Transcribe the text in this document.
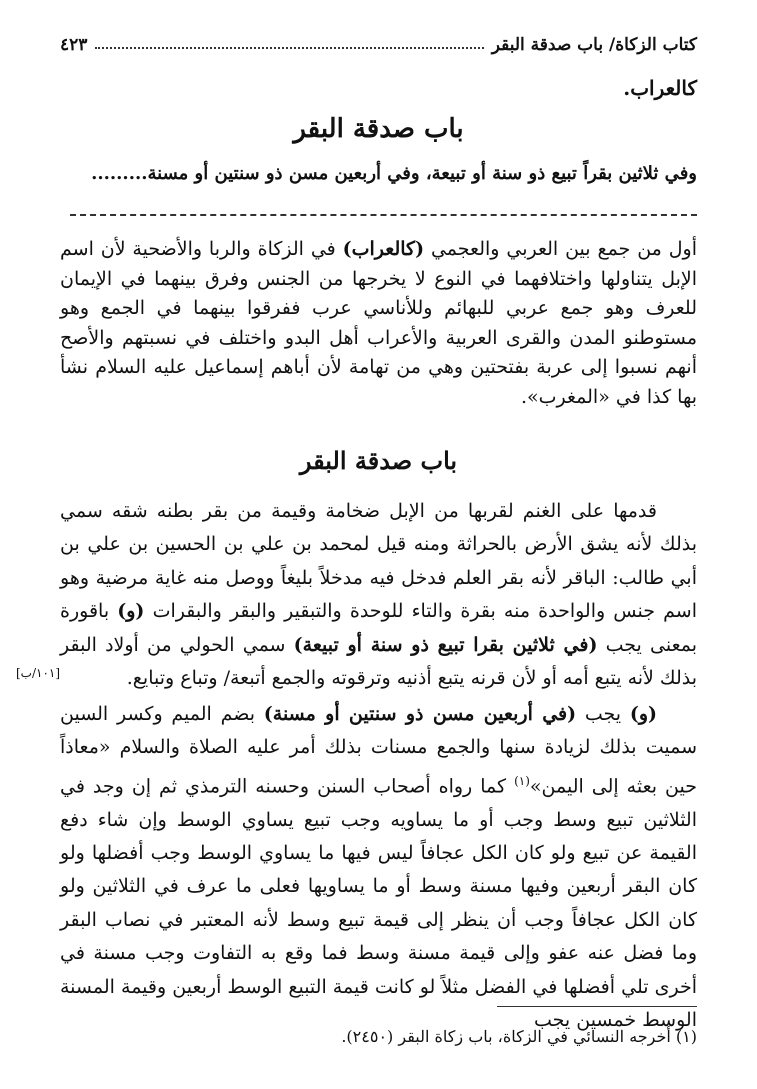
كتاب الزكاة/ باب صدقة البقر
٤٢٣
كالعراب.
باب صدقة البقر
وفي ثلاثين بقراً تبيع ذو سنة أو تبيعة، وفي أربعين مسن ذو سنتين أو مسنة.........

أول من جمع بين العربي والعجمي (كالعراب) في الزكاة والربا والأضحية لأن اسم الإبل يتناولها واختلافهما في النوع لا يخرجها من الجنس وفرق بينهما في الإيمان للعرف وهو جمع عربي للبهائم وللأناسي عرب ففرقوا بينهما في الجمع وهو مستوطنو المدن والقرى العربية والأعراب أهل البدو واختلف في نسبتهم والأصح أنهم نسبوا إلى عربة بفتحتين وهي من تهامة لأن أباهم إسماعيل عليه السلام نشأ بها كذا في «المغرب».

باب صدقة البقر

قدمها على الغنم لقربها من الإبل ضخامة وقيمة من بقر بطنه شقه سمي بذلك لأنه يشق الأرض بالحراثة ومنه قيل لمحمد بن علي بن الحسين بن علي بن أبي طالب: الباقر لأنه بقر العلم فدخل فيه مدخلاً بليغاً ووصل منه غاية مرضية وهو اسم جنس والواحدة منه بقرة والتاء للوحدة والتبقير والبقر والبقرات (و) باقورة بمعنى يجب (في ثلاثين بقرا تبيع ذو سنة أو تبيعة) سمي الحولي من أولاد البقر بذلك لأنه يتبع أمه أو لأن قرنه يتبع أذنيه وترقوته والجمع أتبعة/ وتباع وتبايع.

[١٠١/ب]

(و) يجب (في أربعين مسن ذو سنتين أو مسنة) بضم الميم وكسر السين سميت بذلك لزيادة سنها والجمع مسنات بذلك أمر عليه الصلاة والسلام «معاذاً حين بعثه إلى اليمن»$^{(١)}$ كما رواه أصحاب السنن وحسنه الترمذي ثم إن وجد في الثلاثين تبيع وسط وجب أو ما يساويه وجب تبيع يساوي الوسط وإن شاء دفع القيمة عن تبيع ولو كان الكل عجافاً ليس فيها ما يساوي الوسط وجب أفضلها ولو كان البقر أربعين وفيها مسنة وسط أو ما يساويها فعلى ما عرف في الثلاثين ولو كان الكل عجافاً وجب أن ينظر إلى قيمة تبيع وسط لأنه المعتبر في نصاب البقر وما فضل عنه عفو وإلى قيمة مسنة وسط فما وقع به التفاوت وجب مسنة في أخرى تلي أفضلها في الفضل مثلاً لو كانت قيمة التبيع الوسط أربعين وقيمة المسنة الوسط خمسين يجب

(١) أخرجه النسائي في الزكاة، باب زكاة البقر (٢٤٥٠).
